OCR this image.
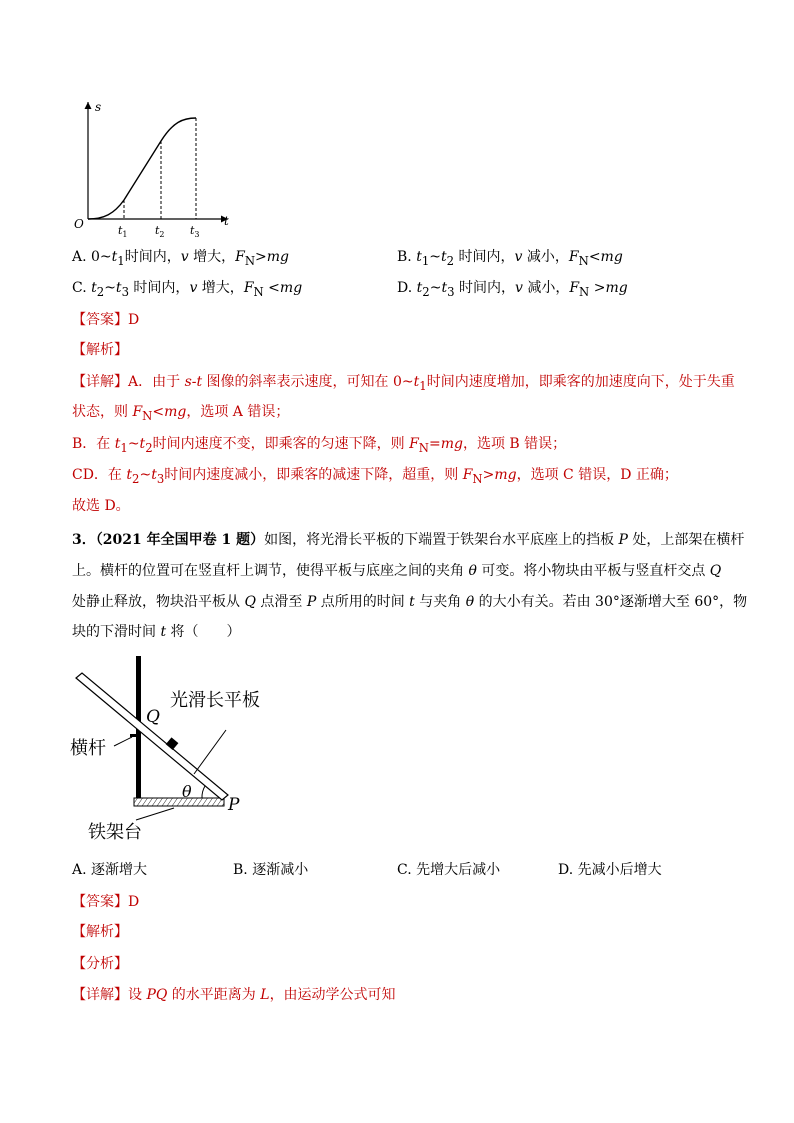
s
t
O	$t_1$ $t_2$ $t_3$
A. $0\sim t_1$时间内，v 增大，$F_N>mg$	B. $t_1\sim t_2$ 时间内，v 减小，$F_N<mg$
C. $t_2\sim t_3$ 时间内，v 增大，$F_N <mg$	D. $t_2\sim t_3$ 时间内，v 减小，$F_N >mg$
【答案】D
【解析】
【详解】A．由于 s-t 图像的斜率表示速度，可知在 $0\sim t_1$时间内速度增加，即乘客的加速度向下，处于失重
状态，则 $F_N<mg$，选项 A 错误；
B．在 $t_1\sim t_2$时间内速度不变，即乘客的匀速下降，则 $F_N=mg$，选项 B 错误；
CD．在 $t_2\sim t_3$时间内速度减小，即乘客的减速下降，超重，则 $F_N>mg$，选项 C 错误，D 正确；
故选 D。
3．（2021 年全国甲卷 1 题）如图，将光滑长平板的下端置于铁架台水平底座上的挡板 P 处，上部架在横杆
上。横杆的位置可在竖直杆上调节，使得平板与底座之间的夹角 θ 可变。将小物块由平板与竖直杆交点 Q
处静止释放，物块沿平板从 Q 点滑至 P 点所用的时间 t 与夹角 θ 的大小有关。若由 30°逐渐增大至 60°，物
块的下滑时间 t 将（　　）
光滑长平板
横杆
铁架台
Q
P
θ
A. 逐渐增大	B. 逐渐减小	C. 先增大后减小	D. 先减小后增大
【答案】D
【解析】
【分析】
【详解】设 PQ 的水平距离为 L，由运动学公式可知
